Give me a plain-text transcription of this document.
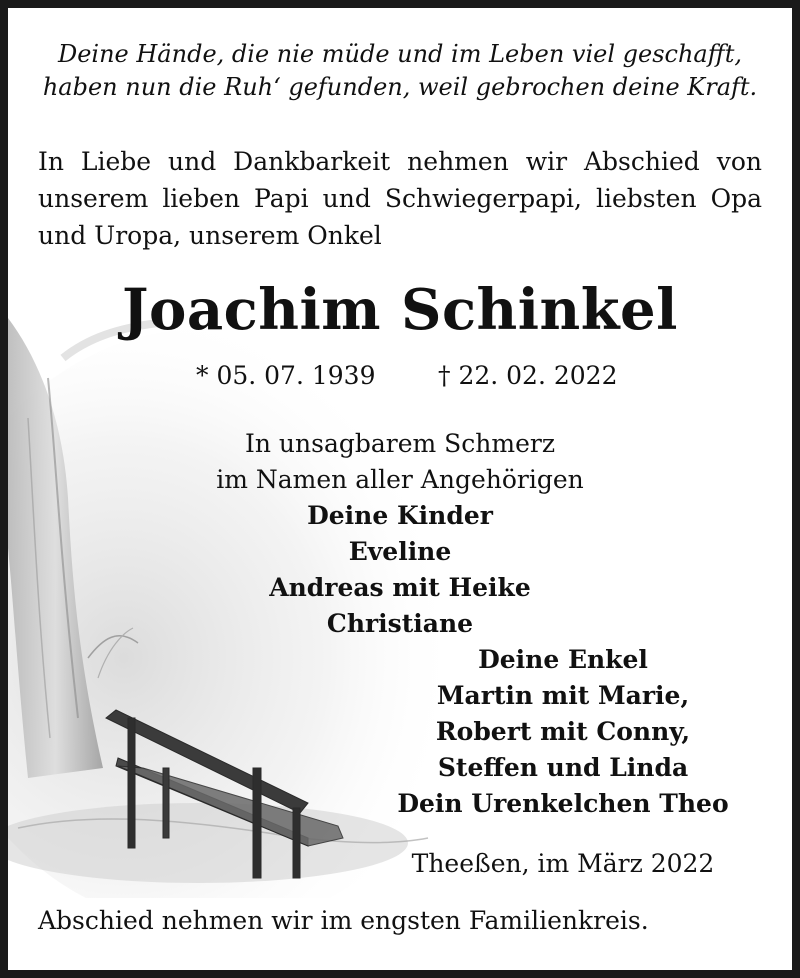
Deine Hände, die nie müde und im Leben viel geschafft,
haben nun die Ruh‘ gefunden, weil gebrochen deine Kraft.
In Liebe und Dankbarkeit nehmen wir Abschied von unserem lieben Papi und Schwiegerpapi, liebsten Opa und Uropa, unserem Onkel
Joachim Schinkel
* 05. 07. 1939	† 22. 02. 2022
In unsagbarem Schmerz
im Namen aller Angehörigen
Deine Kinder
Eveline
Andreas mit Heike
Christiane
Deine Enkel
Martin mit Marie,
Robert mit Conny,
Steffen und Linda
Dein Urenkelchen Theo
Theeßen, im März 2022
Abschied nehmen wir im engsten Familienkreis.
